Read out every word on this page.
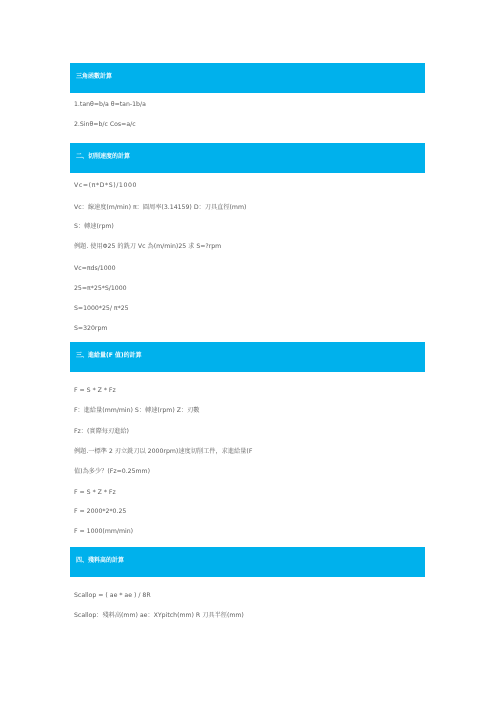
三角函數計算
1.tanθ=b/a θ=tan-1b/a
2.Sinθ=b/c Cos=a/c
二、切削速度的計算
Vc=(π*D*S)/1000
Vc：線速度(m/min) π：圓周率(3.14159) D：刀具直徑(mm)
S：轉速(rpm)
例題. 使用Φ25 的銑刀 Vc 為(m/min)25 求 S=?rpm
Vc=πds/1000
25=π*25*S/1000
S=1000*25/ π*25
S=320rpm
三、進給量(F 值)的計算
F = S * Z * Fz
F：進給量(mm/min) S：轉速(rpm) Z：刃數
Fz：(實際每刃進給)
例題.一標準 2 刃立銑刀以 2000rpm)速度切削工件，求進給量(F
值)為多少？(Fz=0.25mm)
F = S * Z * Fz
F = 2000*2*0.25
F = 1000(mm/min)
四、殘料高的計算
Scallop = ( ae * ae ) / 8R
Scallop：殘料高(mm) ae：XYpitch(mm) R 刀具半徑(mm)
